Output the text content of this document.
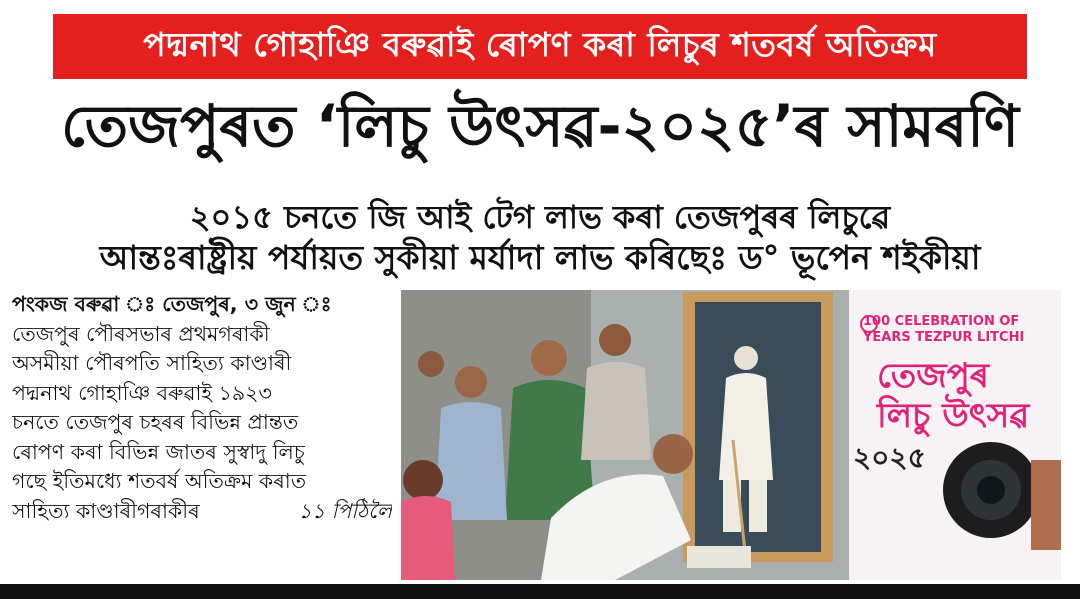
পদ্মনাথ গোহাঞি বৰুৱাই ৰোপণ কৰা লিচুৰ শতবৰ্ষ অতিক্ৰম
তেজপুৰত ‘লিচু উৎসৱ-২০২৫’ৰ সামৰণি
২০১৫ চনতে জি আই টেগ লাভ কৰা তেজপুৰৰ লিচুৱে
আন্তঃৰাষ্ট্ৰীয় পৰ্যায়ত সুকীয়া মৰ্যাদা লাভ কৰিছেঃ ড° ভূপেন শইকীয়া
পংকজ বৰুৱা ঃ তেজপুৰ, ৩ জুন ঃ
তেজপুৰ পৌৰসভাৰ প্ৰথমগৰাকী
অসমীয়া পৌৰপতি সাহিত্য কাণ্ডাৰী
পদ্মনাথ গোহাঞি বৰুৱাই ১৯২৩
চনতে তেজপুৰ চহৰৰ বিভিন্ন প্ৰান্তত
ৰোপণ কৰা বিভিন্ন জাতৰ সুস্বাদু লিচু
গছে ইতিমধ্যে শতবৰ্ষ অতিক্ৰম কৰাত
সাহিত্য কাণ্ডাৰীগৰাকীৰ	১১ পিঠিলৈ
100 CELEBRATION OF
YEARS TEZPUR LITCHI
তেজপুৰ
লিচু উৎসৱ
২০২৫
